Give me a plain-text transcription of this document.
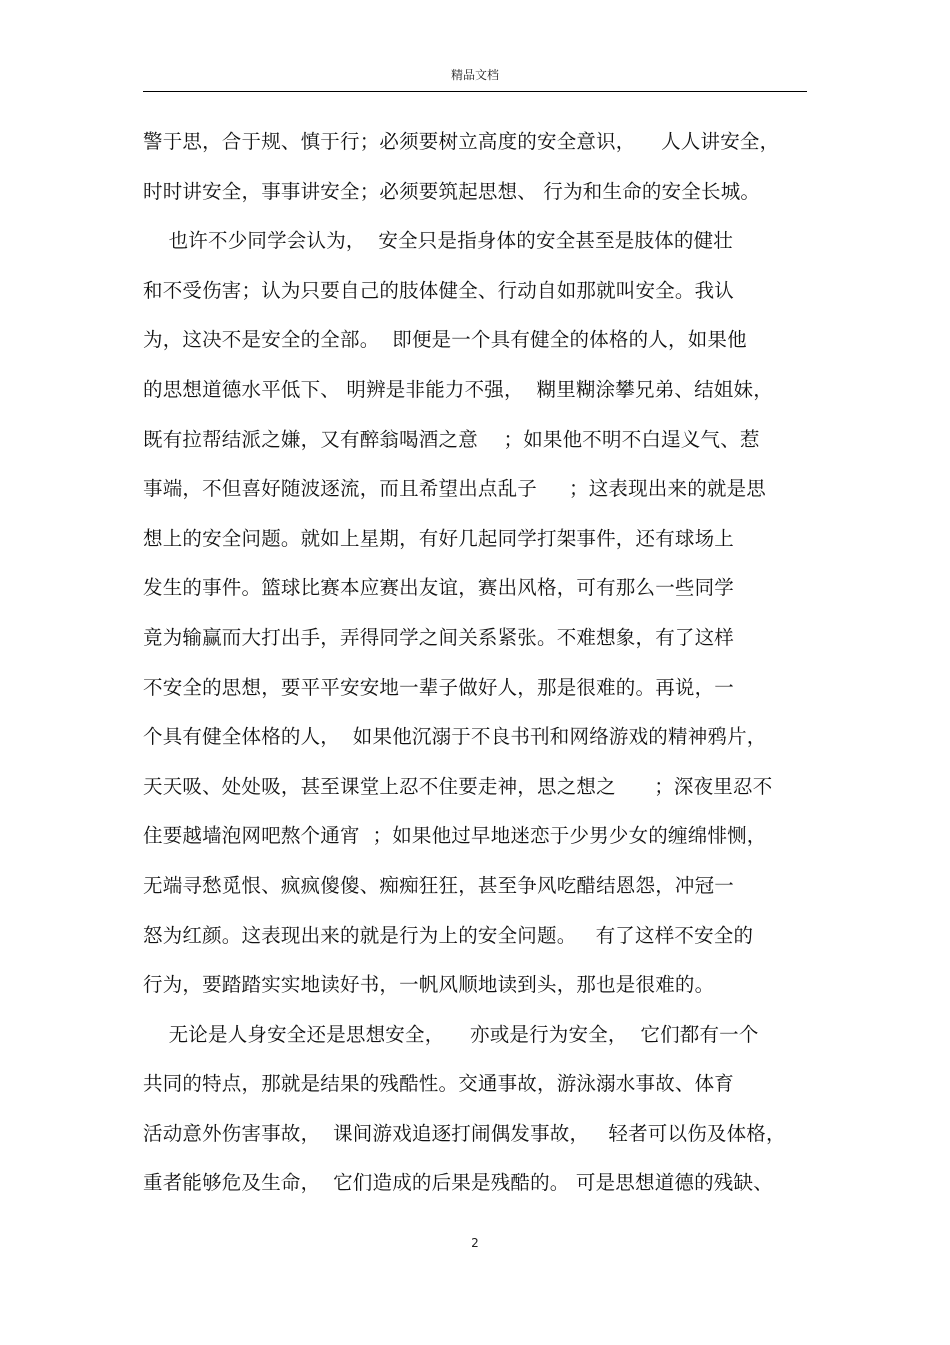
精品文档
警于思，合于规、慎于行；必须要树立高度的安全意识，    人人讲安全，
时时讲安全，事事讲安全；必须要筑起思想、 行为和生命的安全长城。
也许不少同学会认为，  安全只是指身体的安全甚至是肢体的健壮
和不受伤害；认为只要自己的肢体健全、行动自如那就叫安全。我认
为，这决不是安全的全部。  即便是一个具有健全的体格的人，如果他
的思想道德水平低下、 明辨是非能力不强，  糊里糊涂攀兄弟、结姐妹，
既有拉帮结派之嫌，又有醉翁喝酒之意    ；如果他不明不白逞义气、惹
事端，不但喜好随波逐流，而且希望出点乱子     ；这表现出来的就是思
想上的安全问题。就如上星期，有好几起同学打架事件，还有球场上
发生的事件。篮球比赛本应赛出友谊，赛出风格，可有那么一些同学
竟为输赢而大打出手，弄得同学之间关系紧张。不难想象，有了这样
不安全的思想，要平平安安地一辈子做好人，那是很难的。再说，一
个具有健全体格的人，  如果他沉溺于不良书刊和网络游戏的精神鸦片，
天天吸、处处吸，甚至课堂上忍不住要走神，思之想之      ；深夜里忍不
住要越墙泡网吧熬个通宵  ；如果他过早地迷恋于少男少女的缠绵悱恻，
无端寻愁觅恨、疯疯傻傻、痴痴狂狂，甚至争风吃醋结恩怨，冲冠一
怒为红颜。这表现出来的就是行为上的安全问题。   有了这样不安全的
行为，要踏踏实实地读好书，一帆风顺地读到头，那也是很难的。
无论是人身安全还是思想安全，    亦或是行为安全，  它们都有一个
共同的特点，那就是结果的残酷性。交通事故，游泳溺水事故、体育
活动意外伤害事故，  课间游戏追逐打闹偶发事故，   轻者可以伤及体格，
重者能够危及生命，  它们造成的后果是残酷的。 可是思想道德的残缺、
2
